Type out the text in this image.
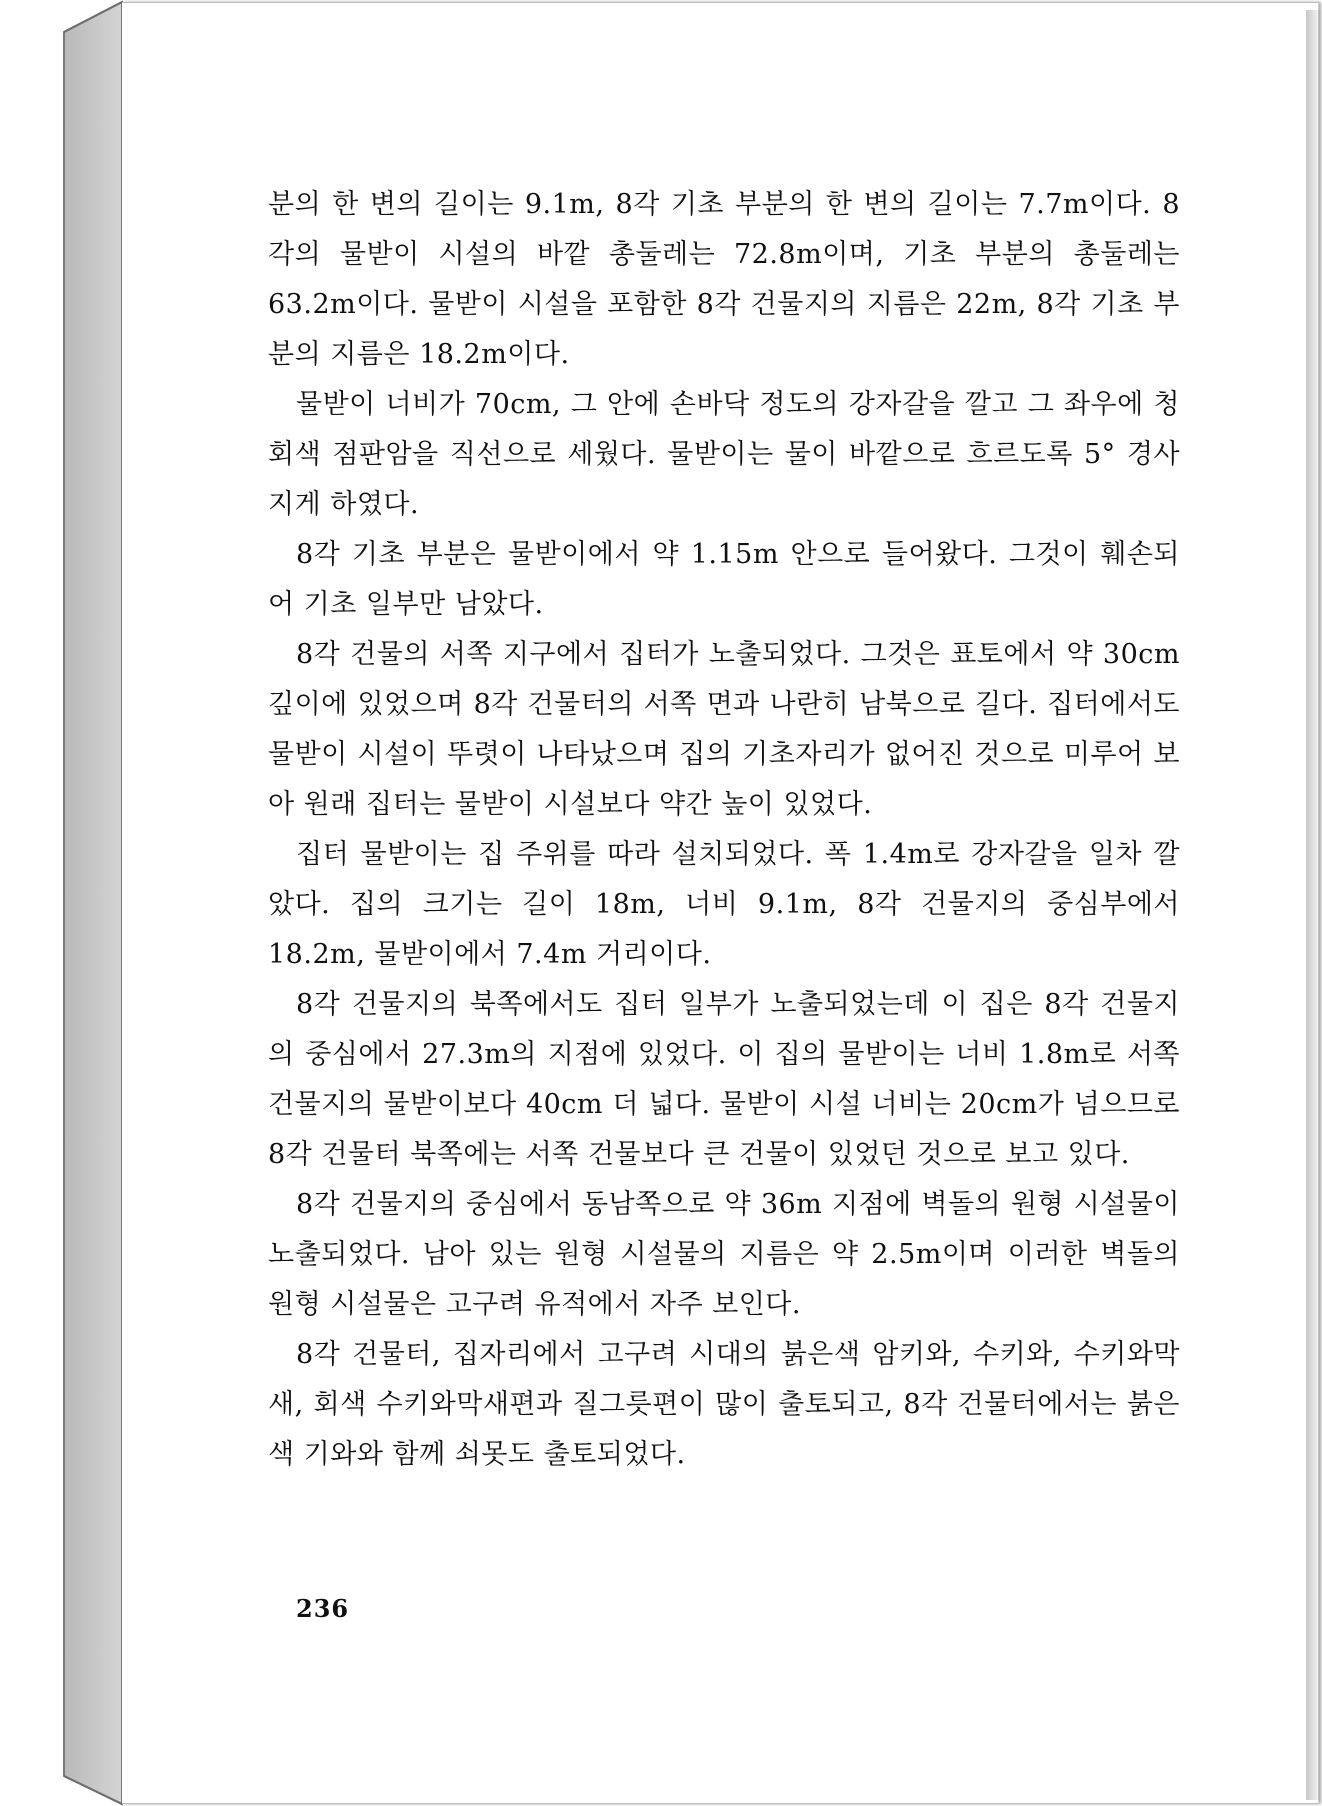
분의 한 변의 길이는 9.1m, 8각 기초 부분의 한 변의 길이는 7.7m이다. 8각의 물받이 시설의 바깥 총둘레는 72.8m이며, 기초 부분의 총둘레는 63.2m이다. 물받이 시설을 포함한 8각 건물지의 지름은 22m, 8각 기초 부분의 지름은 18.2m이다.

물받이 너비가 70cm, 그 안에 손바닥 정도의 강자갈을 깔고 그 좌우에 청회색 점판암을 직선으로 세웠다. 물받이는 물이 바깥으로 흐르도록 5° 경사지게 하였다.

8각 기초 부분은 물받이에서 약 1.15m 안으로 들어왔다. 그것이 훼손되어 기초 일부만 남았다.

8각 건물의 서쪽 지구에서 집터가 노출되었다. 그것은 표토에서 약 30cm 깊이에 있었으며 8각 건물터의 서쪽 면과 나란히 남북으로 길다. 집터에서도 물받이 시설이 뚜렷이 나타났으며 집의 기초자리가 없어진 것으로 미루어 보아 원래 집터는 물받이 시설보다 약간 높이 있었다.

집터 물받이는 집 주위를 따라 설치되었다. 폭 1.4m로 강자갈을 일차 깔았다. 집의 크기는 길이 18m, 너비 9.1m, 8각 건물지의 중심부에서 18.2m, 물받이에서 7.4m 거리이다.

8각 건물지의 북쪽에서도 집터 일부가 노출되었는데 이 집은 8각 건물지의 중심에서 27.3m의 지점에 있었다. 이 집의 물받이는 너비 1.8m로 서쪽 건물지의 물받이보다 40cm 더 넓다. 물받이 시설 너비는 20cm가 넘으므로 8각 건물터 북쪽에는 서쪽 건물보다 큰 건물이 있었던 것으로 보고 있다.

8각 건물지의 중심에서 동남쪽으로 약 36m 지점에 벽돌의 원형 시설물이 노출되었다. 남아 있는 원형 시설물의 지름은 약 2.5m이며 이러한 벽돌의 원형 시설물은 고구려 유적에서 자주 보인다.

8각 건물터, 집자리에서 고구려 시대의 붉은색 암키와, 수키와, 수키와막새, 회색 수키와막새편과 질그릇편이 많이 출토되고, 8각 건물터에서는 붉은색 기와와 함께 쇠못도 출토되었다.

236
